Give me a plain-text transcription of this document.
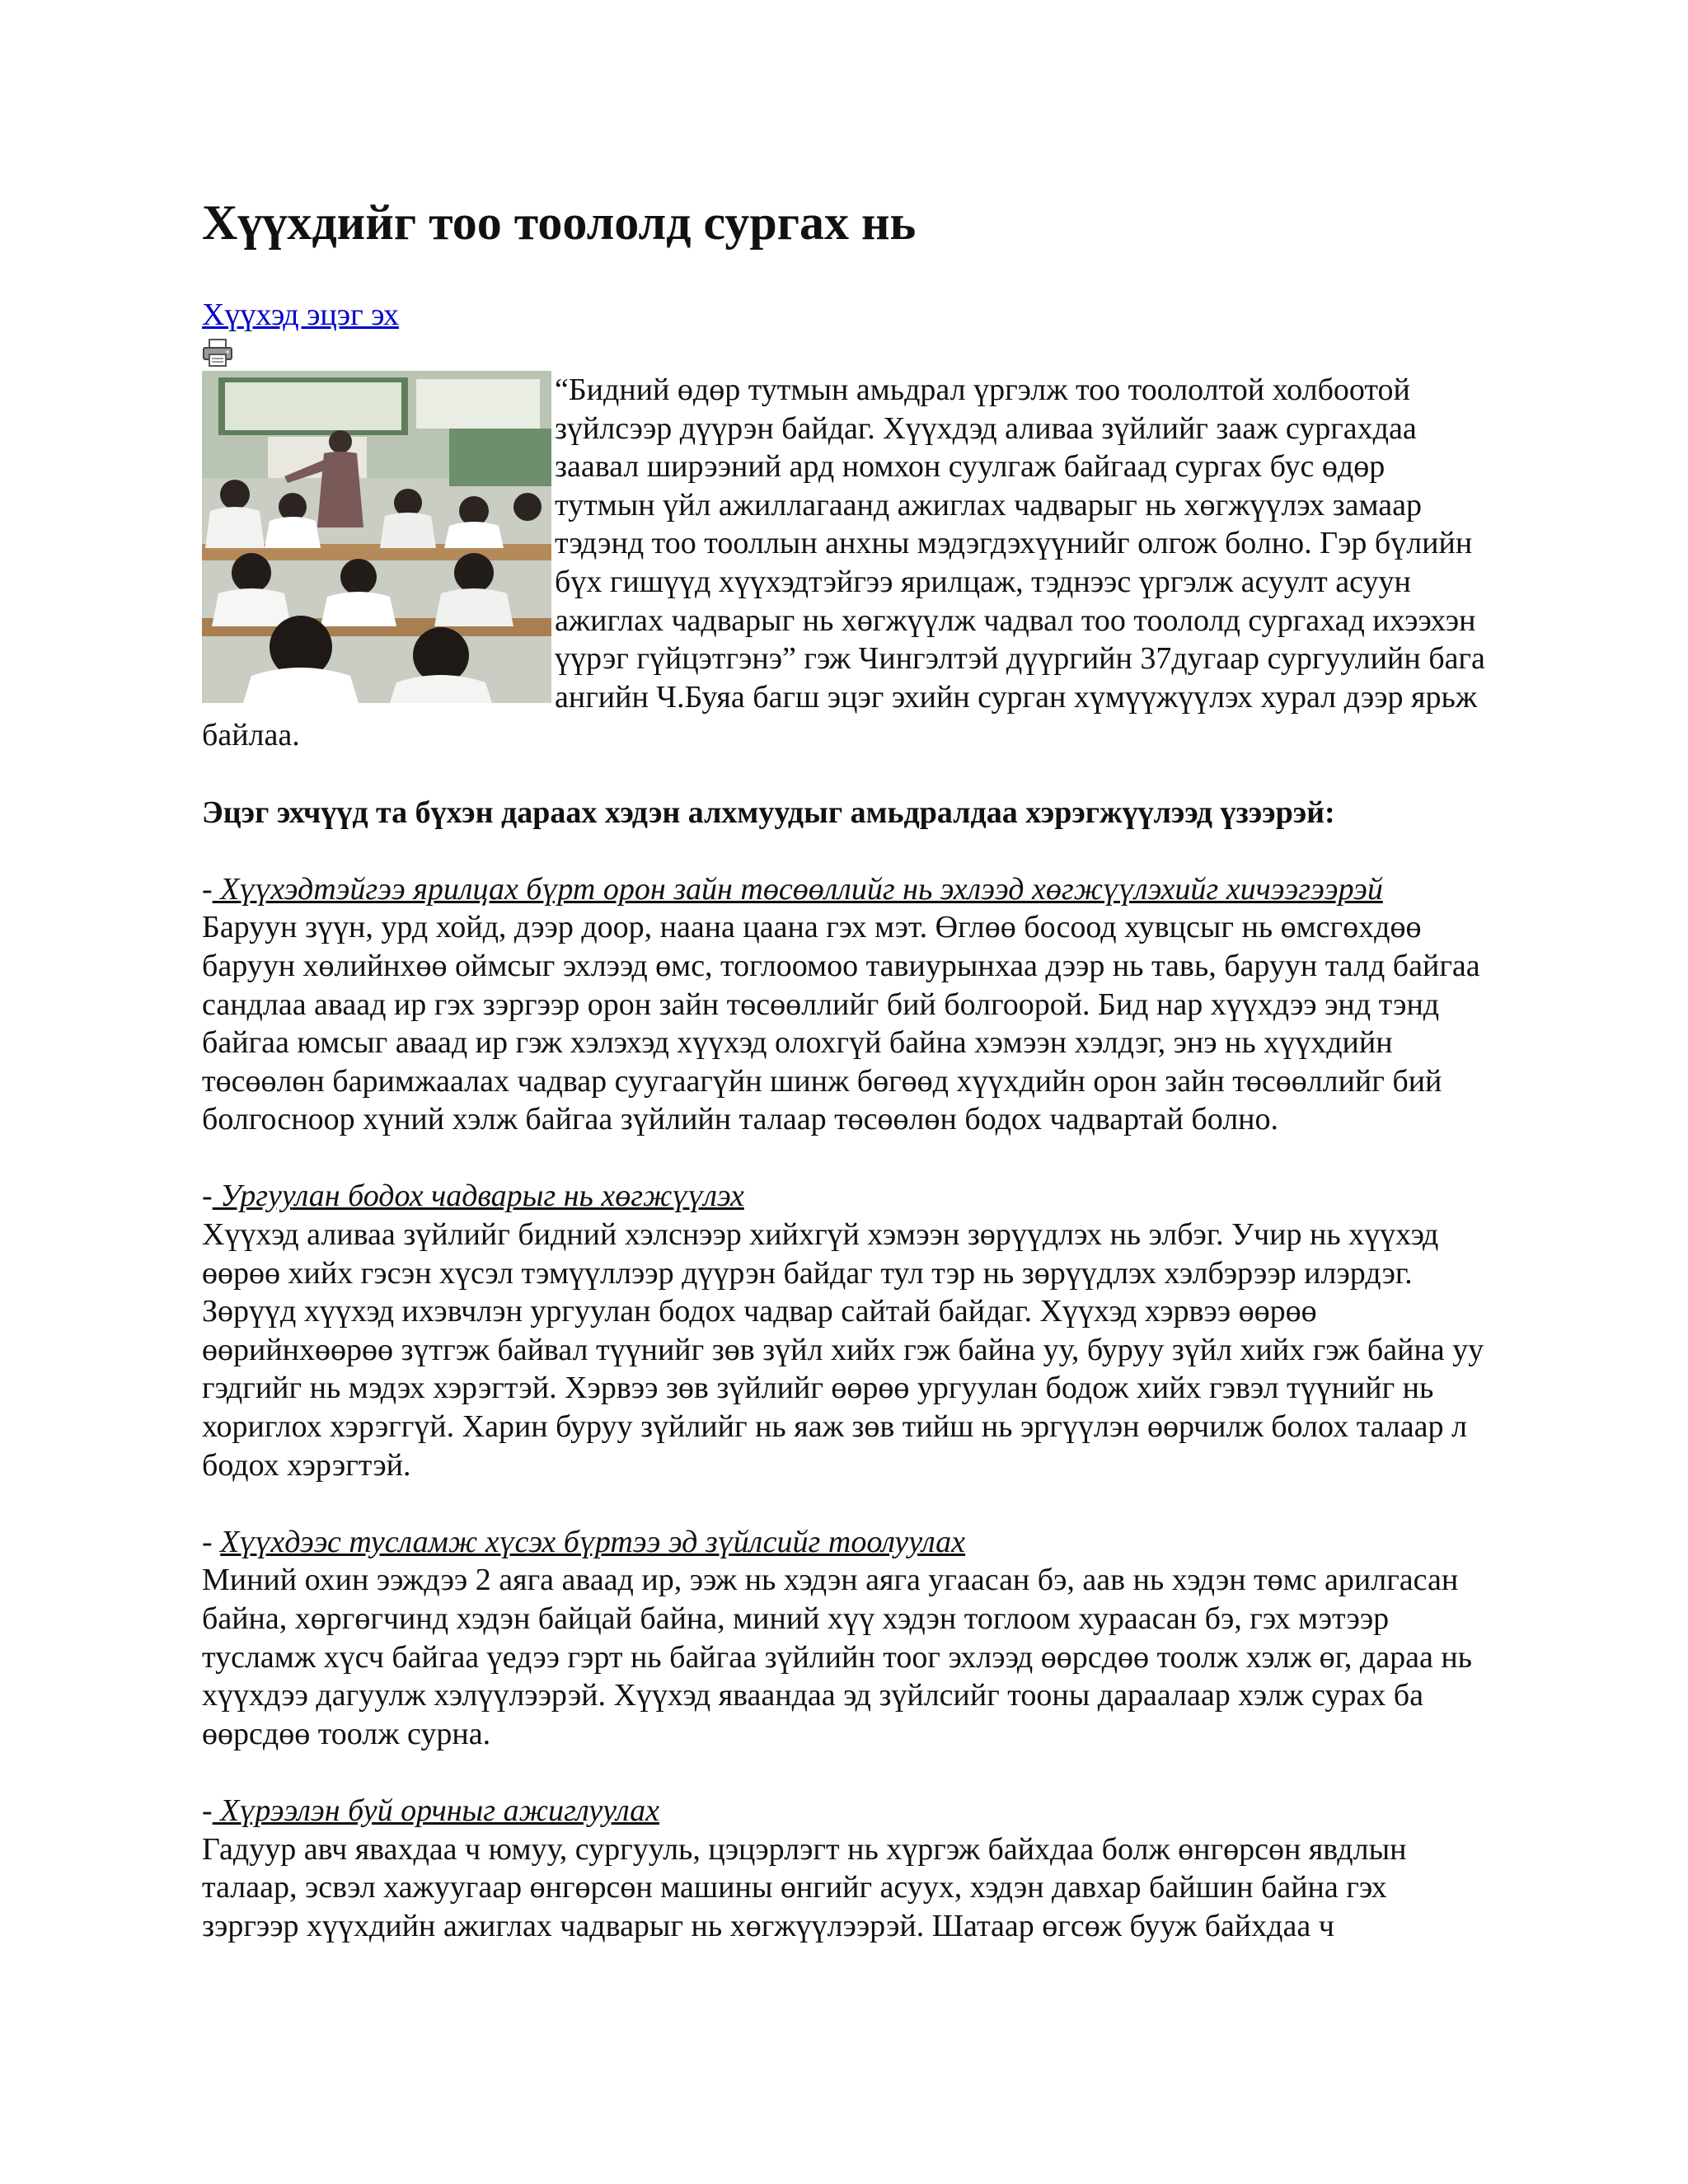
Хүүхдийг тоо тоололд сургах нь
Хүүхэд эцэг эх

“Бидний өдөр тутмын амьдрал үргэлж тоо тоололтой холбоотой зүйлсээр дүүрэн байдаг. Хүүхдэд аливаа зүйлийг зааж сургахдаа заавал ширээний ард номхон суулгаж байгаад сургах бус өдөр тутмын үйл ажиллагаанд ажиглах чадварыг нь хөгжүүлэх замаар тэдэнд тоо тооллын анхны мэдэгдэхүүнийг олгож болно. Гэр бүлийн бүх гишүүд хүүхэдтэйгээ ярилцаж, тэднээс үргэлж асуулт асуун ажиглах чадварыг нь хөгжүүлж чадвал тоо тоололд сургахад ихээхэн үүрэг гүйцэтгэнэ” гэж Чингэлтэй дүүргийн 37дугаар сургуулийн бага ангийн Ч.Буяа багш эцэг эхийн сурган хүмүүжүүлэх хурал дээр ярьж байлаа.

Эцэг эхчүүд та бүхэн дараах хэдэн алхмуудыг амьдралдаа хэрэгжүүлээд үзээрэй:

- Хүүхэдтэйгээ ярилцах бүрт орон зайн төсөөллийг нь эхлээд хөгжүүлэхийг хичээгээрэй

Баруун зүүн, урд хойд, дээр доор, наана цаана гэх мэт. Өглөө босоод хувцсыг нь өмсгөхдөө баруун хөлийнхөө оймсыг эхлээд өмс, тоглоомоо тавиурынхаа дээр нь тавь, баруун талд байгаа сандлаа аваад ир гэх зэргээр орон зайн төсөөллийг бий болгоорой. Бид нар хүүхдээ энд тэнд байгаа юмсыг аваад ир гэж хэлэхэд хүүхэд олохгүй байна хэмээн хэлдэг, энэ нь хүүхдийн төсөөлөн баримжаалах чадвар суугаагүйн шинж бөгөөд хүүхдийн орон зайн төсөөллийг бий болгосноор хүний хэлж байгаа зүйлийн талаар төсөөлөн бодох чадвартай болно.

- Ургуулан бодох чадварыг нь хөгжүүлэх

Хүүхэд аливаа зүйлийг бидний хэлснээр хийхгүй хэмээн зөрүүдлэх нь элбэг. Учир нь хүүхэд өөрөө хийх гэсэн хүсэл тэмүүллээр дүүрэн байдаг тул тэр нь зөрүүдлэх хэлбэрээр илэрдэг. Зөрүүд хүүхэд ихэвчлэн ургуулан бодох чадвар сайтай байдаг. Хүүхэд хэрвээ өөрөө өөрийнхөөрөө зүтгэж байвал түүнийг зөв зүйл хийх гэж байна уу, буруу зүйл хийх гэж байна уу гэдгийг нь мэдэх хэрэгтэй. Хэрвээ зөв зүйлийг өөрөө ургуулан бодож хийх гэвэл түүнийг нь хориглох хэрэггүй. Харин буруу зүйлийг нь яаж зөв тийш нь эргүүлэн өөрчилж болох талаар л бодох хэрэгтэй.

- Хүүхдээс тусламж хүсэх бүртээ эд зүйлсийг тоолуулах

Миний охин ээждээ 2 аяга аваад ир, ээж нь хэдэн аяга угаасан бэ, аав нь хэдэн төмс арилгасан байна, хөргөгчинд хэдэн байцай байна, миний хүү хэдэн тоглоом хураасан бэ, гэх мэтээр тусламж хүсч байгаа үедээ гэрт нь байгаа зүйлийн тоог эхлээд өөрсдөө тоолж хэлж өг, дараа нь хүүхдээ дагуулж хэлүүлээрэй. Хүүхэд яваандаа эд зүйлсийг тооны дараалаар хэлж сурах ба өөрсдөө тоолж сурна.

- Хүрээлэн буй орчныг ажиглуулах

Гадуур авч явахдаа ч юмуу, сургууль, цэцэрлэгт нь хүргэж байхдаа болж өнгөрсөн явдлын талаар, эсвэл хажуугаар өнгөрсөн машины өнгийг асуух, хэдэн давхар байшин байна гэх зэргээр хүүхдийн ажиглах чадварыг нь хөгжүүлээрэй. Шатаар өгсөж бууж байхдаа ч
